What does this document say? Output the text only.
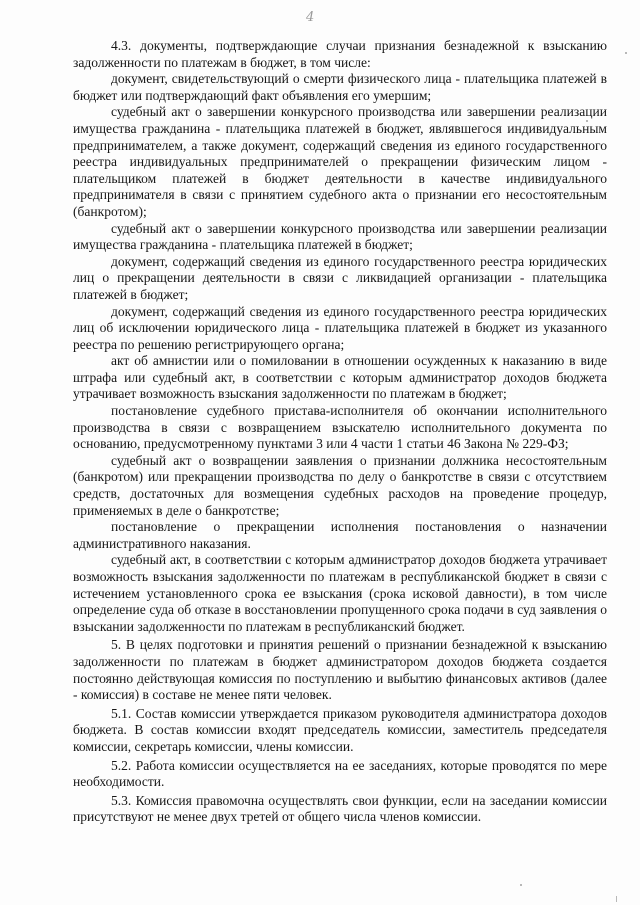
4

4.3. документы, подтверждающие случаи признания безнадежной к взысканию задолженности по платежам в бюджет, в том числе:

документ, свидетельствующий о смерти физического лица - плательщика платежей в бюджет или подтверждающий факт объявления его умершим;

судебный акт о завершении конкурсного производства или завершении реализации имущества гражданина - плательщика платежей в бюджет, являвшегося индивидуальным предпринимателем, а также документ, содержащий сведения из единого государственного реестра индивидуальных предпринимателей о прекращении физическим лицом - плательщиком платежей в бюджет деятельности в качестве индивидуального предпринимателя в связи с принятием судебного акта о признании его несостоятельным (банкротом);

судебный акт о завершении конкурсного производства или завершении реализации имущества гражданина - плательщика платежей в бюджет;

документ, содержащий сведения из единого государственного реестра юридических лиц о прекращении деятельности в связи с ликвидацией организации - плательщика платежей в бюджет;

документ, содержащий сведения из единого государственного реестра юридических лиц об исключении юридического лица - плательщика платежей в бюджет из указанного реестра по решению регистрирующего органа;

акт об амнистии или о помиловании в отношении осужденных к наказанию в виде штрафа или судебный акт, в соответствии с которым администратор доходов бюджета утрачивает возможность взыскания задолженности по платежам в бюджет;

постановление судебного пристава-исполнителя об окончании исполнительного производства в связи с возвращением взыскателю исполнительного документа по основанию, предусмотренному пунктами 3 или 4 части 1 статьи 46 Закона № 229-ФЗ;

судебный акт о возвращении заявления о признании должника несостоятельным (банкротом) или прекращении производства по делу о банкротстве в связи с отсутствием средств, достаточных для возмещения судебных расходов на проведение процедур, применяемых в деле о банкротстве;

постановление о прекращении исполнения постановления о назначении административного наказания.

судебный акт, в соответствии с которым администратор доходов бюджета утрачивает возможность взыскания задолженности по платежам в республиканской бюджет в связи с истечением установленного срока ее взыскания (срока исковой давности), в том числе определение суда об отказе в восстановлении пропущенного срока подачи в суд заявления о взыскании задолженности по платежам в республиканский бюджет.

5. В целях подготовки и принятия решений о признании безнадежной к взысканию задолженности по платежам в бюджет администратором доходов бюджета создается постоянно действующая комиссия по поступлению и выбытию финансовых активов (далее - комиссия) в составе не менее пяти человек.

5.1. Состав комиссии утверждается приказом руководителя администратора доходов бюджета. В состав комиссии входят председатель комиссии, заместитель председателя комиссии, секретарь комиссии, члены комиссии.

5.2. Работа комиссии осуществляется на ее заседаниях, которые проводятся по мере необходимости.

5.3. Комиссия правомочна осуществлять свои функции, если на заседании комиссии присутствуют не менее двух третей от общего числа членов комиссии.
